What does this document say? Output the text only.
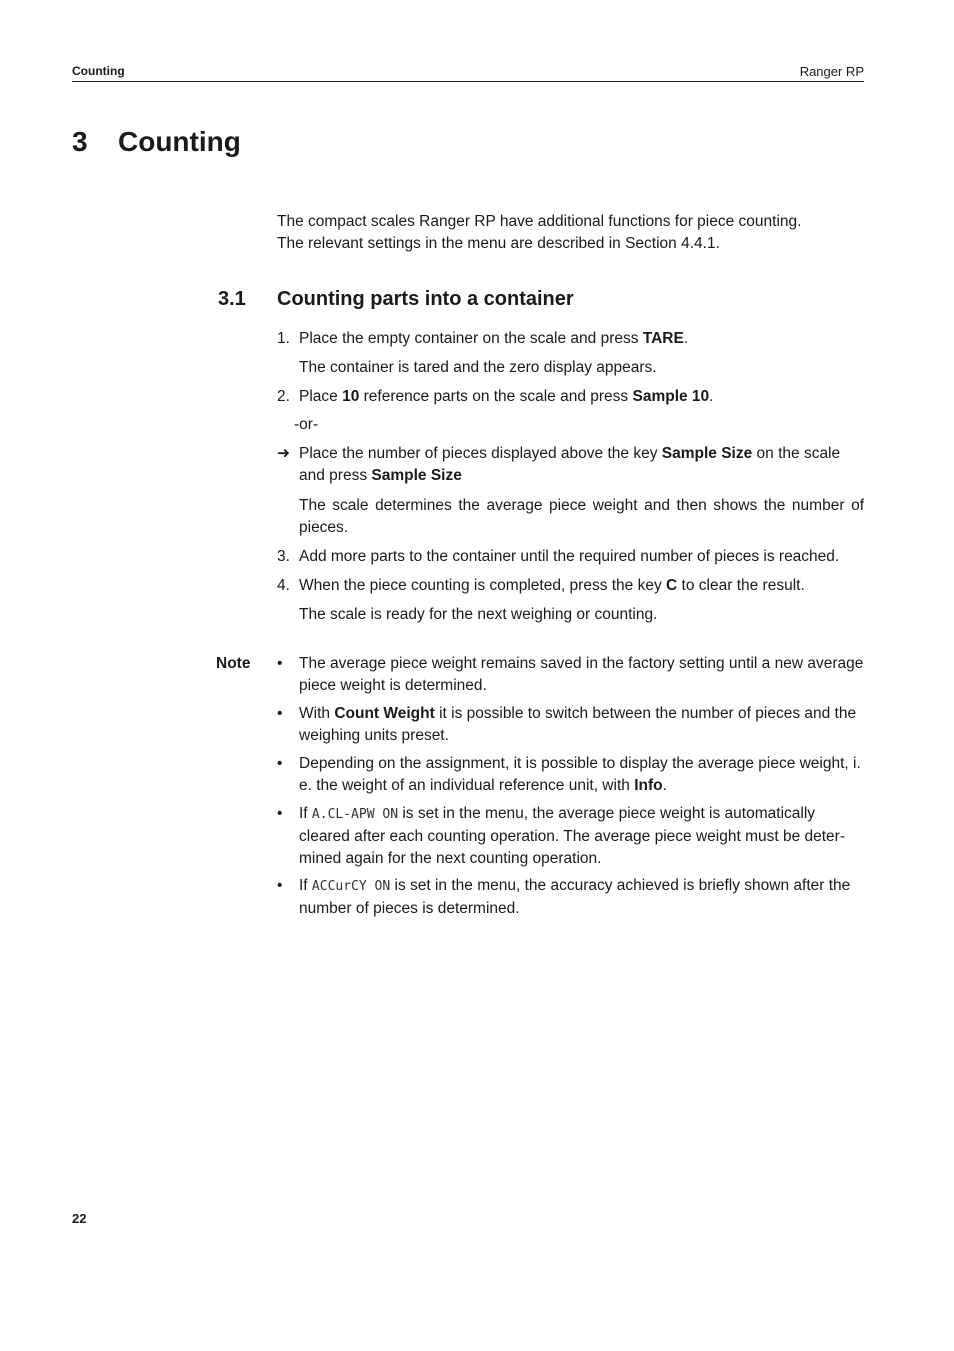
Counting	Ranger RP
3 Counting
The compact scales Ranger RP have additional functions for piece counting.
The relevant settings in the menu are described in Section 4.4.1.
3.1 Counting parts into a container
1. Place the empty container on the scale and press TARE.
The container is tared and the zero display appears.
2. Place 10 reference parts on the scale and press Sample 10.
-or-
➜ Place the number of pieces displayed above the key Sample Size on the scale and press Sample Size
The scale determines the average piece weight and then shows the number of pieces.
3. Add more parts to the container until the required number of pieces is reached.
4. When the piece counting is completed, press the key C to clear the result.
The scale is ready for the next weighing or counting.
Note • The average piece weight remains saved in the factory setting until a new average piece weight is determined.
• With Count Weight it is possible to switch between the number of pieces and the weighing units preset.
• Depending on the assignment, it is possible to display the average piece weight, i. e. the weight of an individual reference unit, with Info.
• If A.CL-APW ON is set in the menu, the average piece weight is automatically cleared after each counting operation. The average piece weight must be deter-mined again for the next counting operation.
• If ACCurCY ON is set in the menu, the accuracy achieved is briefly shown after the number of pieces is determined.
22
